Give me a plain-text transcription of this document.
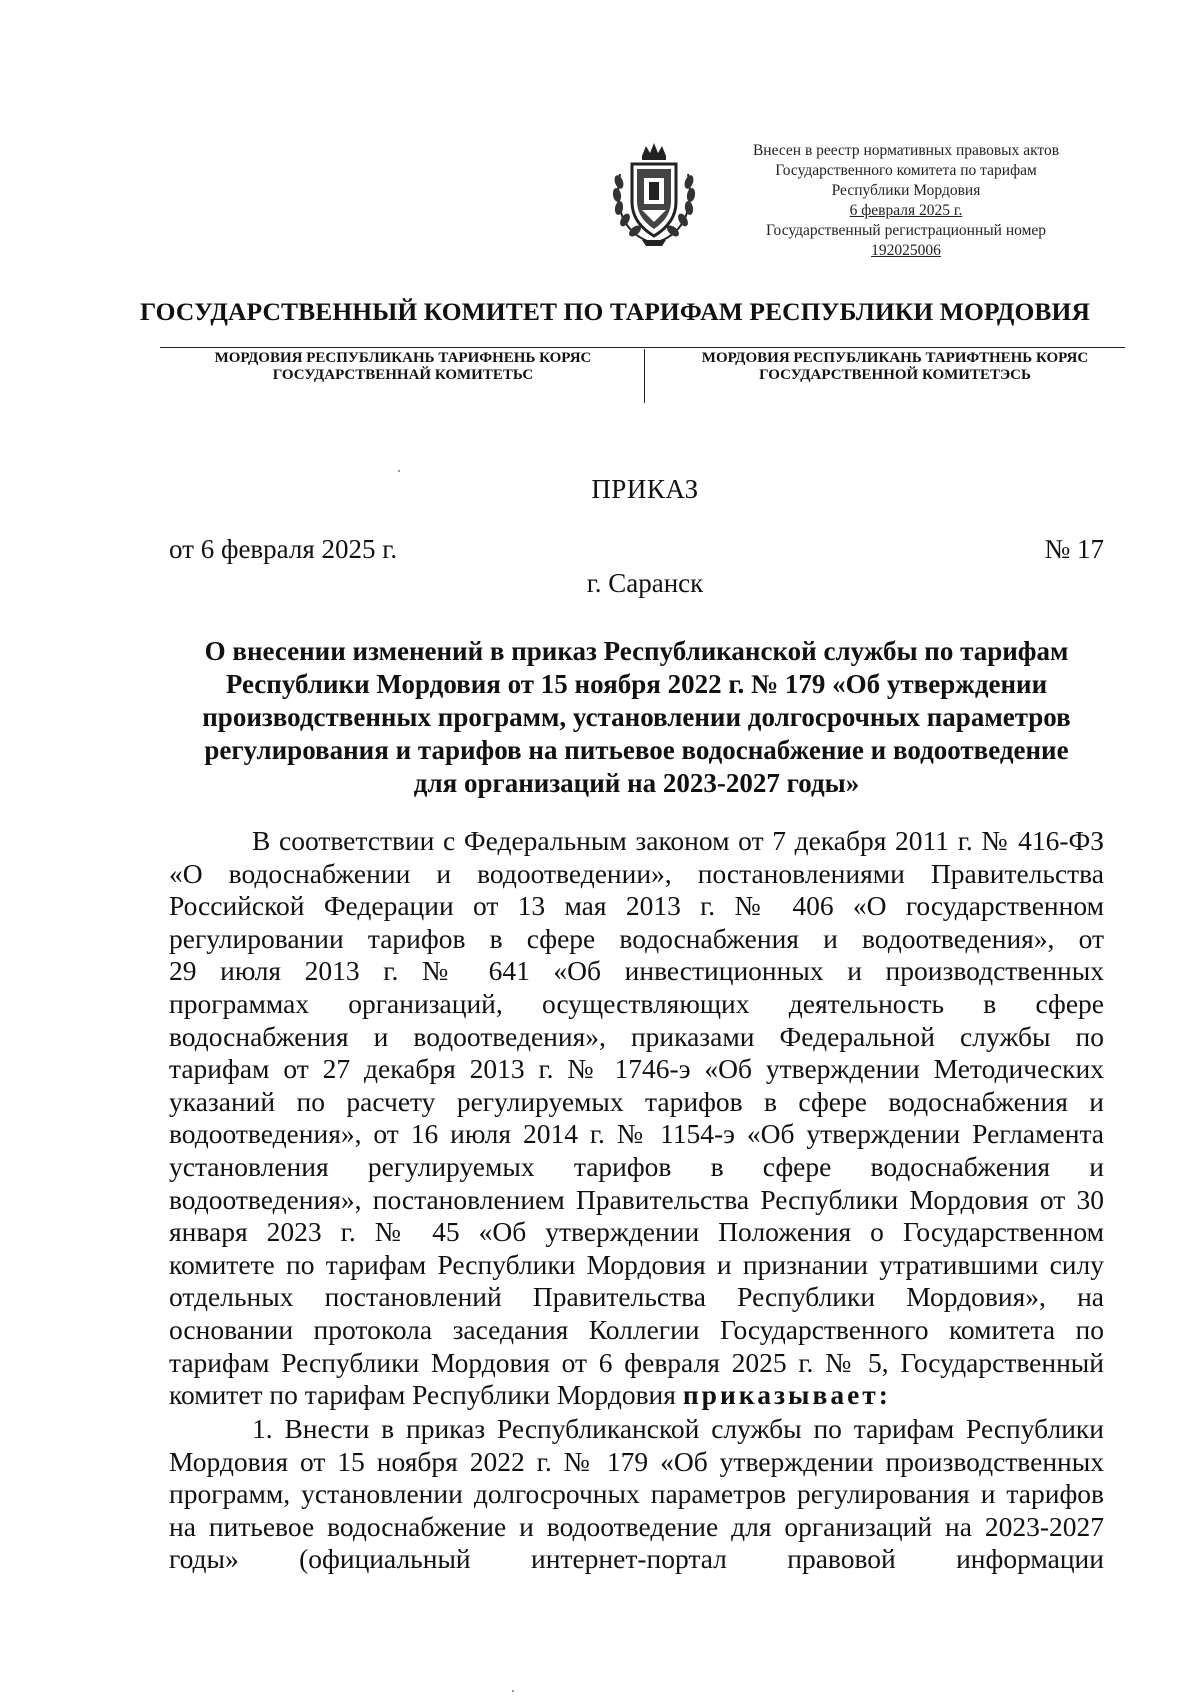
Внесен в реестр нормативных правовых актов
Государственного комитета по тарифам
Республики Мордовия
6 февраля 2025 г.
Государственный регистрационный номер
192025006
ГОСУДАРСТВЕННЫЙ КОМИТЕТ ПО ТАРИФАМ РЕСПУБЛИКИ МОРДОВИЯ
МОРДОВИЯ РЕСПУБЛИКАНЬ ТАРИФНЕНЬ КОРЯС
ГОСУДАРСТВЕННАЙ КОМИТЕТЬС
МОРДОВИЯ РЕСПУБЛИКАНЬ ТАРИФТНЕНЬ КОРЯС
ГОСУДАРСТВЕННОЙ КОМИТЕТЭСЬ
ПРИКАЗ
от 6 февраля 2025 г.	№ 17
г. Саранск

О внесении изменений в приказ Республиканской службы по тарифам

Республики Мордовия от 15 ноября 2022 г. № 179 «Об утверждении

производственных программ, установлении долгосрочных параметров

регулирования и тарифов на питьевое водоснабжение и водоотведение

для организаций на 2023-2027 годы»

В соответствии с Федеральным законом от 7 декабря 2011 г. № 416-ФЗ
«О водоснабжении и водоотведении», постановлениями Правительства
Российской Федерации от 13 мая 2013 г. № 406 «О государственном
регулировании тарифов в сфере водоснабжения и водоотведения», от
29 июля 2013 г. № 641 «Об инвестиционных и производственных
программах организаций, осуществляющих деятельность в сфере
водоснабжения и водоотведения», приказами Федеральной службы по
тарифам от 27 декабря 2013 г. № 1746-э «Об утверждении Методических
указаний по расчету регулируемых тарифов в сфере водоснабжения и
водоотведения», от 16 июля 2014 г. № 1154-э «Об утверждении Регламента
установления регулируемых тарифов в сфере водоснабжения и
водоотведения», постановлением Правительства Республики Мордовия от 30
января 2023 г. № 45 «Об утверждении Положения о Государственном
комитете по тарифам Республики Мордовия и признании утратившими силу
отдельных постановлений Правительства Республики Мордовия», на
основании протокола заседания Коллегии Государственного комитета по
тарифам Республики Мордовия от 6 февраля 2025 г. № 5, Государственный
комитет по тарифам Республики Мордовия приказывает:
1. Внести в приказ Республиканской службы по тарифам Республики
Мордовия от 15 ноября 2022 г. № 179 «Об утверждении производственных
программ, установлении долгосрочных параметров регулирования и тарифов
на питьевое водоснабжение и водоотведение для организаций на 2023-2027
годы» (официальный интернет-портал правовой информации
